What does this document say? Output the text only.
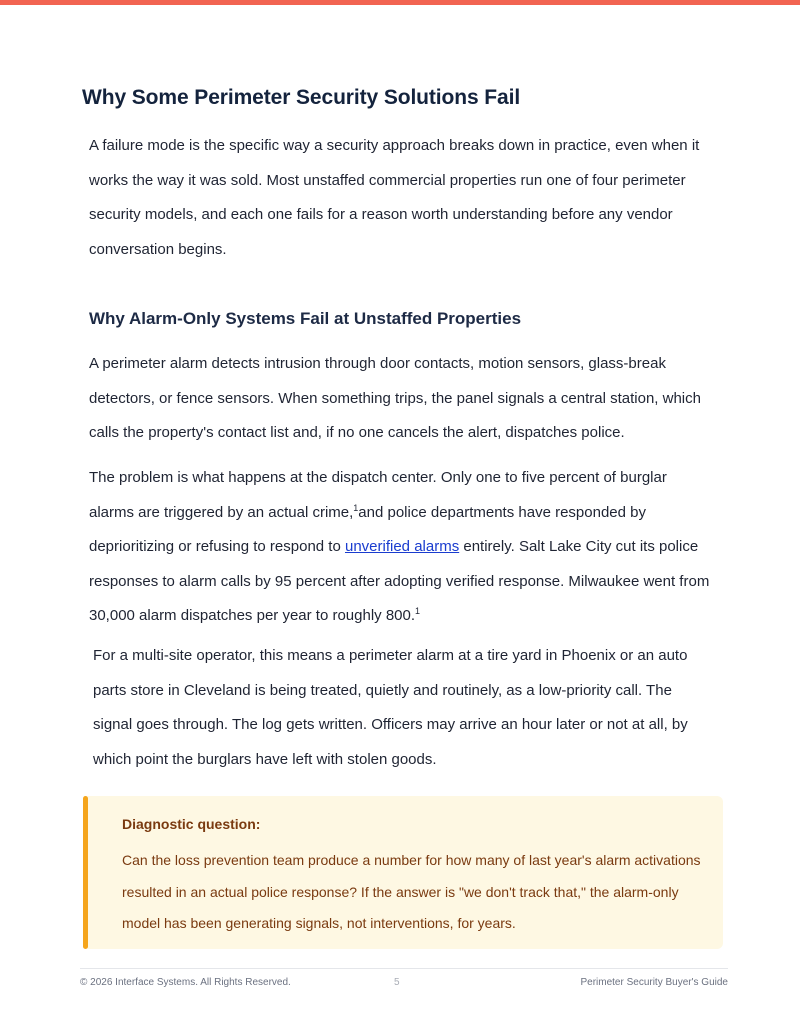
Why Some Perimeter Security Solutions Fail

A failure mode is the specific way a security approach breaks down in practice, even when it works the way it was sold. Most unstaffed commercial properties run one of four perimeter security models, and each one fails for a reason worth understanding before any vendor conversation begins.

Why Alarm-Only Systems Fail at Unstaffed Properties

A perimeter alarm detects intrusion through door contacts, motion sensors, glass-break detectors, or fence sensors. When something trips, the panel signals a central station, which calls the property's contact list and, if no one cancels the alert, dispatches police.

The problem is what happens at the dispatch center. Only one to five percent of burglar alarms are triggered by an actual crime,$^1$and police departments have responded by deprioritizing or refusing to respond to unverified alarms entirely. Salt Lake City cut its police responses to alarm calls by 95 percent after adopting verified response. Milwaukee went from 30,000 alarm dispatches per year to roughly 800.$^1$

For a multi-site operator, this means a perimeter alarm at a tire yard in Phoenix or an auto parts store in Cleveland is being treated, quietly and routinely, as a low-priority call. The signal goes through. The log gets written. Officers may arrive an hour later or not at all, by which point the burglars have left with stolen goods.

Diagnostic question:

Can the loss prevention team produce a number for how many of last year's alarm activations resulted in an actual police response? If the answer is "we don't track that," the alarm-only model has been generating signals, not interventions, for years.

© 2026 Interface Systems. All Rights Reserved.	5	Perimeter Security Buyer's Guide
